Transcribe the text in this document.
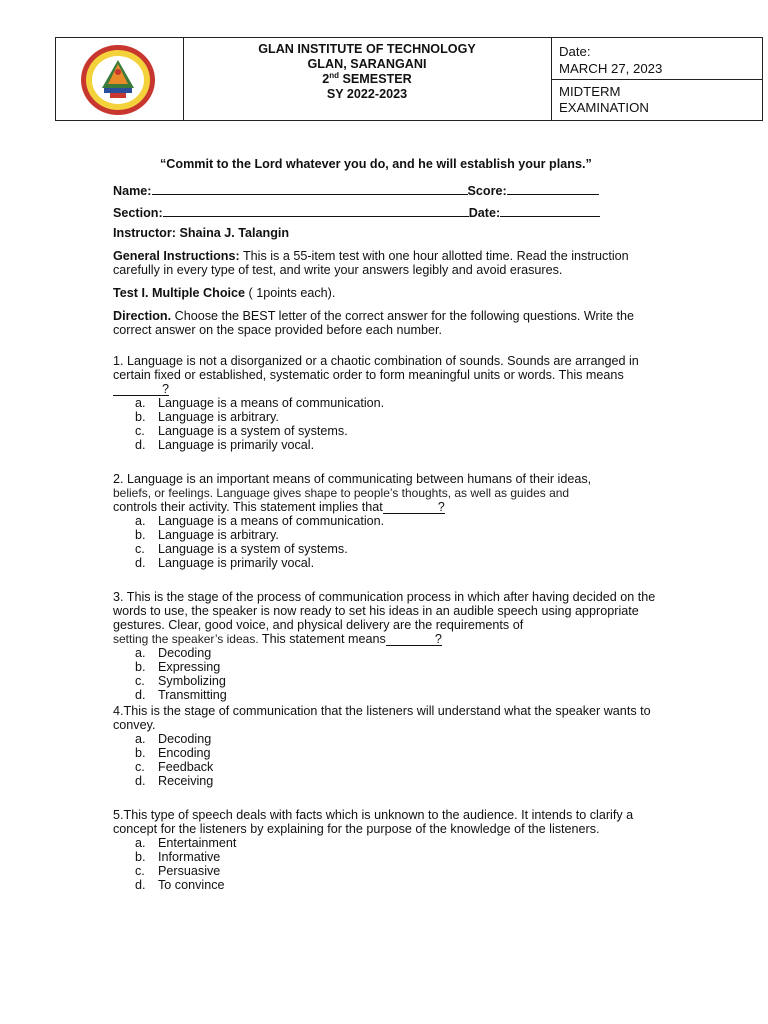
GLAN INSTITUTE OF TECHNOLOGY
GLAN, SARANGANI
2nd SEMESTER
SY 2022-2023
Date:
MARCH 27, 2023
MIDTERM
EXAMINATION
“Commit to the Lord whatever you do, and he will establish your plans.”
Name:	Score:
Section:	Date:
Instructor: Shaina J. Talangin
General Instructions: This is a 55-item test with one hour allotted time. Read the instruction carefully in every type of test, and write your answers legibly and avoid erasures.
Test I. Multiple Choice ( 1points each).
Direction. Choose the BEST letter of the correct answer for the following questions. Write the correct answer on the space provided before each number.
1. Language is not a disorganized or a chaotic combination of sounds. Sounds are arranged in certain fixed or established, systematic order to form meaningful units or words. This means?
a. Language is a means of communication.
b. Language is arbitrary.
c. Language is a system of systems.
d. Language is primarily vocal.
2. Language is an important means of communicating between humans of their ideas,
beliefs, or feelings. Language gives shape to people’s thoughts, as well as guides and
controls their activity. This statement implies that	?
a. Language is a means of communication.
b. Language is arbitrary.
c. Language is a system of systems.
d. Language is primarily vocal.
3. This is the stage of the process of communication process in which after having decided on the words to use, the speaker is now ready to set his ideas in an audible speech using appropriate gestures. Clear, good voice, and physical delivery are the requirements of
setting the speaker’s ideas. This statement means	?
a. Decoding
b. Expressing
c. Symbolizing
d. Transmitting
4.This is the stage of communication that the listeners will understand what the speaker wants to convey.
a. Decoding
b. Encoding
c. Feedback
d. Receiving
5.This type of speech deals with facts which is unknown to the audience. It intends to clarify a concept for the listeners by explaining for the purpose of the knowledge of the listeners.
a. Entertainment
b. Informative
c. Persuasive
d. To convince
